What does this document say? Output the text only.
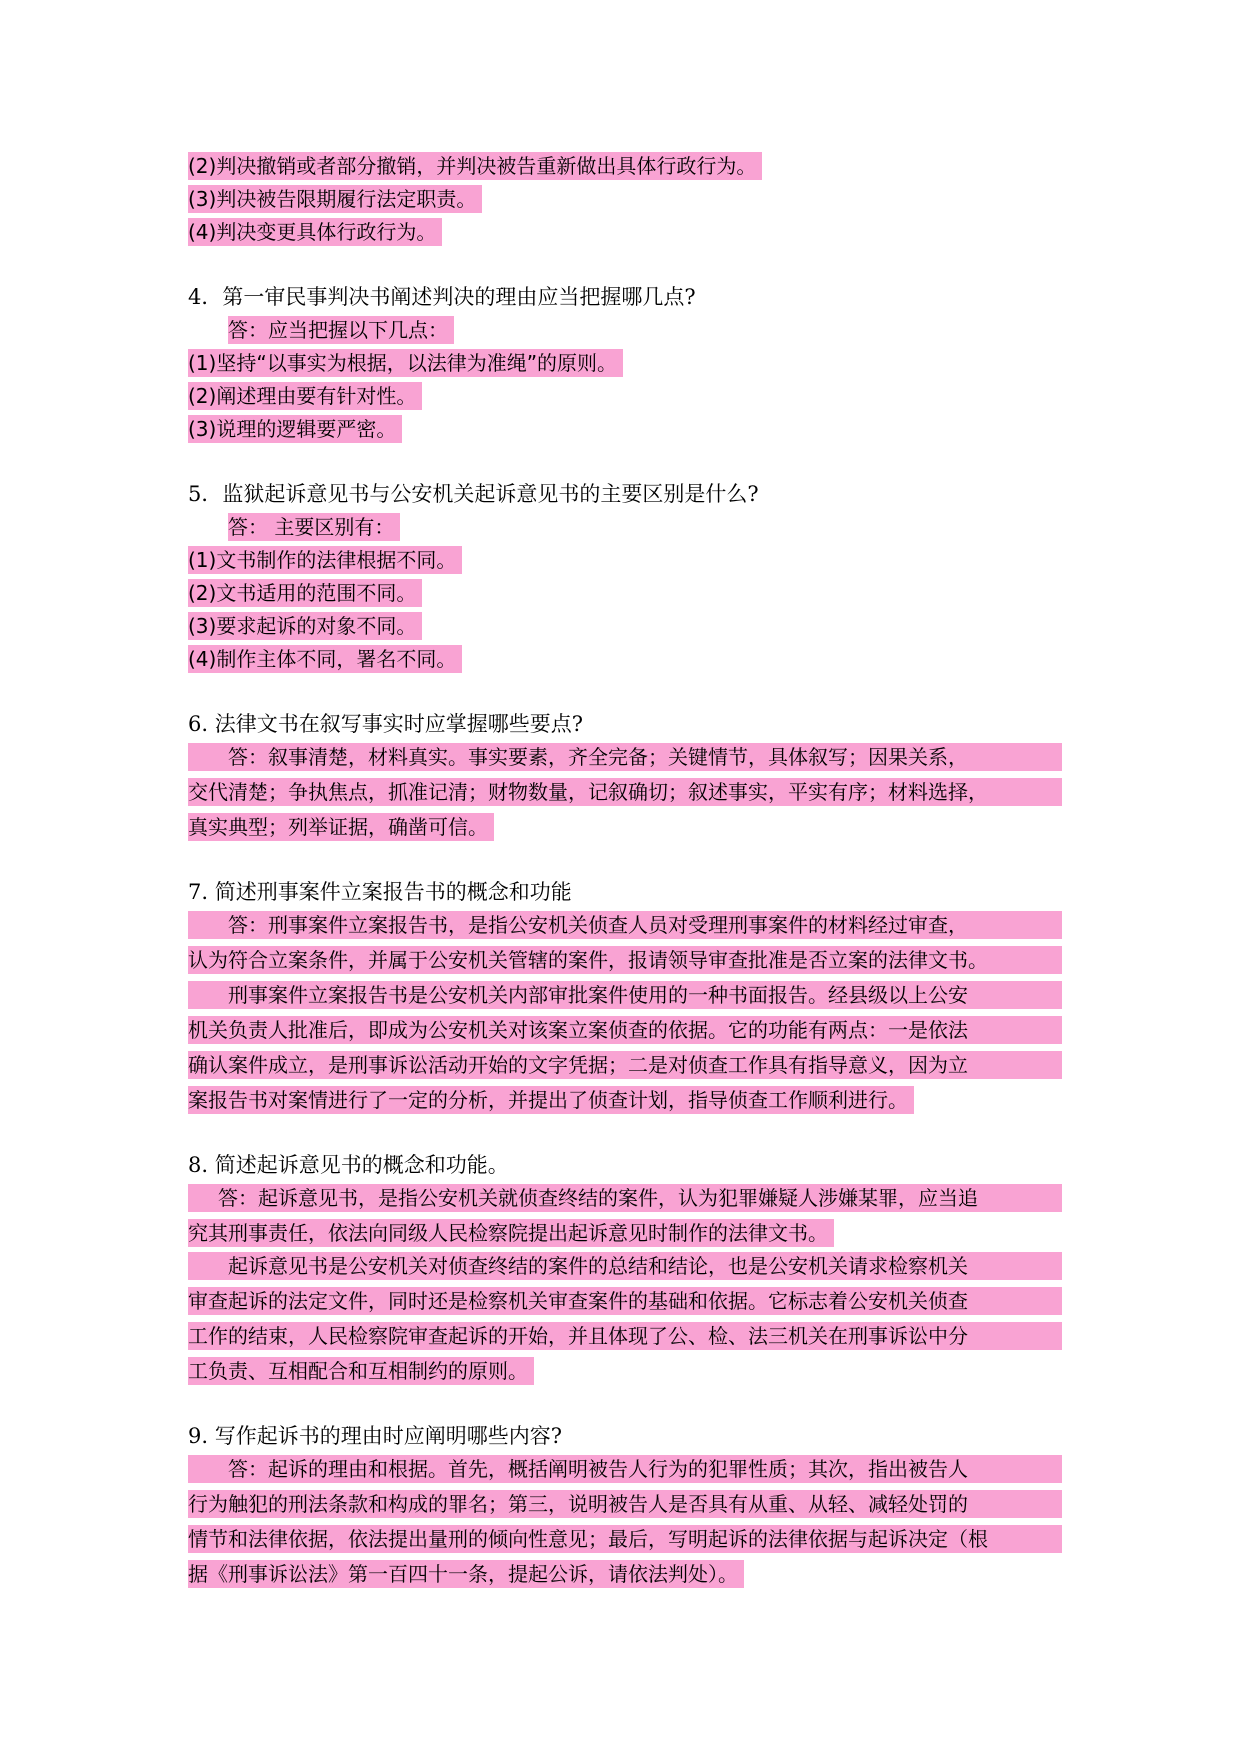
(2)判决撤销或者部分撤销，并判决被告重新做出具体行政行为。
(3)判决被告限期履行法定职责。
(4)判决变更具体行政行为。
4．第一审民事判决书阐述判决的理由应当把握哪几点?
答：应当把握以下几点：
(1)坚持“以事实为根据，以法律为准绳”的原则。
(2)阐述理由要有针对性。
(3)说理的逻辑要严密。
5．监狱起诉意见书与公安机关起诉意见书的主要区别是什么?
答： 主要区别有：
(1)文书制作的法律根据不同。
(2)文书适用的范围不同。
(3)要求起诉的对象不同。
(4)制作主体不同，署名不同。
6. 法律文书在叙写事实时应掌握哪些要点?
答：叙事清楚，材料真实。事实要素，齐全完备；关键情节，具体叙写；因果关系，
交代清楚；争执焦点，抓准记清；财物数量，记叙确切；叙述事实，平实有序；材料选择，
真实典型；列举证据，确凿可信。
7. 简述刑事案件立案报告书的概念和功能
答：刑事案件立案报告书，是指公安机关侦查人员对受理刑事案件的材料经过审查，
认为符合立案条件，并属于公安机关管辖的案件，报请领导审查批准是否立案的法律文书。
刑事案件立案报告书是公安机关内部审批案件使用的一种书面报告。经县级以上公安
机关负责人批准后，即成为公安机关对该案立案侦查的依据。它的功能有两点：一是依法
确认案件成立，是刑事诉讼活动开始的文字凭据；二是对侦查工作具有指导意义，因为立
案报告书对案情进行了一定的分析，并提出了侦查计划，指导侦查工作顺利进行。
8. 简述起诉意见书的概念和功能。
答：起诉意见书，是指公安机关就侦查终结的案件，认为犯罪嫌疑人涉嫌某罪，应当追
究其刑事责任，依法向同级人民检察院提出起诉意见时制作的法律文书。
起诉意见书是公安机关对侦查终结的案件的总结和结论，也是公安机关请求检察机关
审查起诉的法定文件，同时还是检察机关审查案件的基础和依据。它标志着公安机关侦查
工作的结束，人民检察院审查起诉的开始，并且体现了公、检、法三机关在刑事诉讼中分
工负责、互相配合和互相制约的原则。
9. 写作起诉书的理由时应阐明哪些内容?
答：起诉的理由和根据。首先，概括阐明被告人行为的犯罪性质；其次，指出被告人
行为触犯的刑法条款和构成的罪名；第三，说明被告人是否具有从重、从轻、减轻处罚的
情节和法律依据，依法提出量刑的倾向性意见；最后，写明起诉的法律依据与起诉决定（根
据《刑事诉讼法》第一百四十一条，提起公诉，请依法判处）。
